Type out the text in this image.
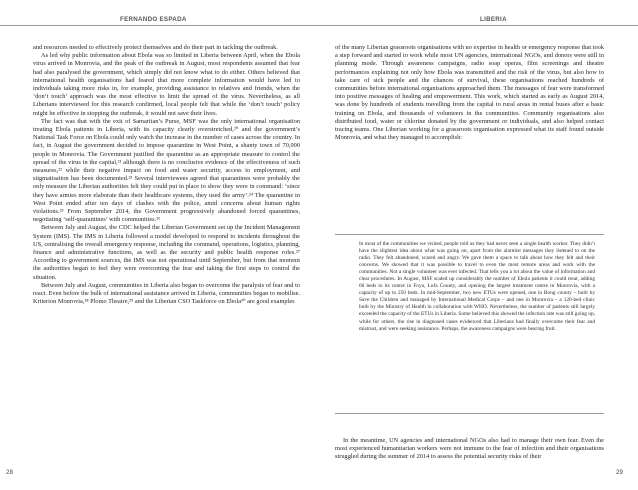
FERNANDO ESPADA

and resources needed to effectively protect themselves and do their part in tackling the outbreak.

As led why public information about Ebola was so limited in Liberia between April, when the Ebola virus arrived in Monrovia, and the peak of the outbreak in August, most respondents assumed that fear had also paralysed the government, which simply did not know what to do either. Others believed that international health organisations had feared that more complete information would have led to individuals taking more risks in, for example, providing assistance to relatives and friends, when the ‘don’t touch’ approach was the most effective to limit the spread of the virus. Nevertheless, as all Liberians interviewed for this research confirmed, local people felt that while the ‘don’t touch’ policy might be effective in stopping the outbreak, it would not save their lives.

The fact was that with the exit of Samaritan’s Purse, MSF was the only international organisation treating Ebola patients in Liberia, with its capacity clearly overstretched,²⁰ and the government’s National Task Force on Ebola could only watch the increase in the number of cases across the country. In fact, in August the government decided to impose quarantine in West Point, a shanty town of 70,000 people in Monrovia. The Government justified the quarantine as an appropriate measure to control the spread of the virus in the capital,²¹ although there is no conclusive evidence of the effectiveness of such measures,²² while their negative impact on food and water security, access to employment, and stigmatisation has been documented.²³ Several interviewees agreed that quarantines were probably the only measure the Liberian authorities felt they could put in place to show they were in command: ‘since they have armies more elaborate than their healthcare systems, they used the army’.²⁴ The quarantine in West Point ended after ten days of clashes with the police, amid concerns about human rights violations.²⁵ From September 2014, the Government progressively abandoned forced quarantines, negotiating ‘self-quarantines’ with communities.²⁶

Between July and August, the CDC helped the Liberian Government set up the Incident Management System (IMS). The IMS in Liberia followed a model developed to respond to incidents throughout the US, centralising the overall emergency response, including the command, operations, logistics, planning, finance and administrative functions, as well as the security and public health response roles.²⁷ According to government sources, the IMS was not operational until September, but from that moment the authorities began to feel they were overcoming the fear and taking the first steps to control the situation.

Between July and August, communities in Liberia also began to overcome the paralysis of fear and to react. Even before the bulk of international assistance arrived in Liberia, communities began to mobilise. Kriterion Monrovia,²⁸ Plomo Theatre,²⁹ and the Liberian CSO Taskforce on Ebola³⁰ are good examples

28
LIBERIA

of the many Liberian grassroots organisations with no expertise in health or emergency response that took a step forward and started to work while most UN agencies, international NGOs, and donors were still in planning mode. Through awareness campaigns, radio soap operas, film screenings and theatre performances explaining not only how Ebola was transmitted and the risk of the virus, but also how to take care of sick people and the chances of survival, these organisations reached hundreds of communities before international organisations approached them. The messages of fear were transformed into positive messages of healing and empowerment. This work, which started as early as August 2014, was done by hundreds of students travelling from the capital to rural areas in rental buses after a basic training on Ebola, and thousands of volunteers in the communities. Community organisations also distributed food, water or chlorine donated by the government or individuals, and also helped contact tracing teams. One Liberian working for a grassroots organisation expressed what its staff found outside Monrovia, and what they managed to accomplish:

In most of the communities we visited, people told us they had never seen a single health worker. They didn’t have the slightest idea about what was going on, apart from the alarmist messages they listened to on the radio. They felt abandoned, scared and angry. We gave them a space to talk about how they felt and their concerns. We showed that it was possible to travel to even the most remote areas and work with the communities. Not a single volunteer was ever infected. That tells you a lot about the value of information and clear procedures. In August, MSF scaled up considerably the number of Ebola patients it could treat, adding 60 beds to its centre in Foya, Lofa County, and opening the largest treatment centre in Monrovia, with a capacity of up to 250 beds. In mid-September, two new ETUs were opened, one in Bong county – built by Save the Children and managed by International Medical Corps – and one in Monrovia – a 120-bed clinic built by the Ministry of Health in collaboration with WHO. Nevertheless, the number of patients still largely exceeded the capacity of the ETUs in Liberia. Some believed this showed the infection rate was still going up, while for others, the rise in diagnosed cases evidenced that Liberians had finally overcome their fear and mistrust, and were seeking assistance. Perhaps, the awareness campaigns were bearing fruit.

In the meantime, UN agencies and international NGOs also had to manage their own fear. Even the most experienced humanitarian workers were not immune to the fear of infection and their organisations struggled during the summer of 2014 to assess the potential security risks of their

29
